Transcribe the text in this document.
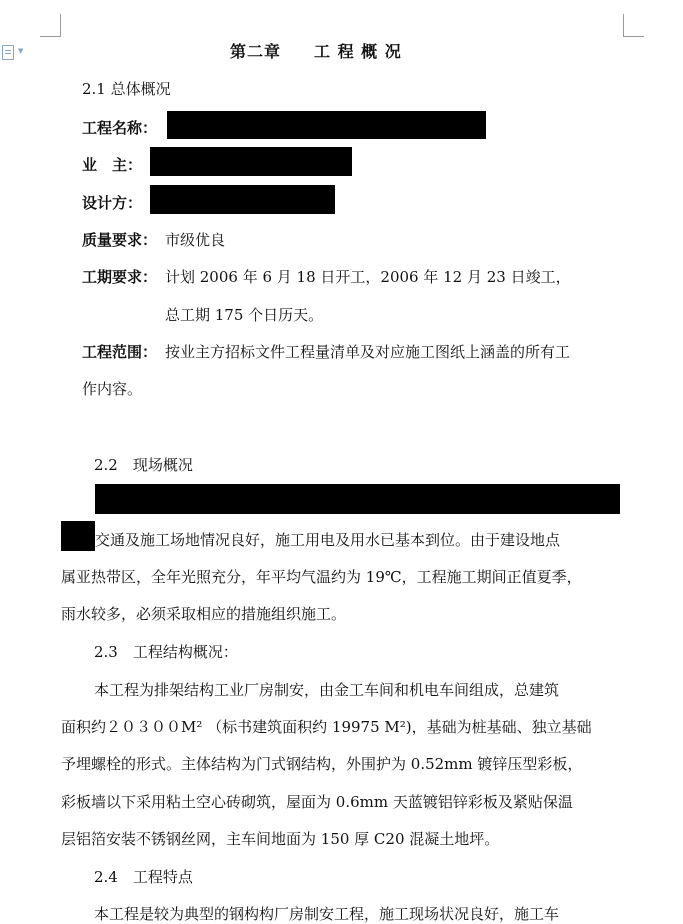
▼	第二章 工 程 概 况
2.1 总体概况
工程名称：
业　主：
设计方：
质量要求： 市级优良
工期要求： 计划 2006 年 6 月 18 日开工，2006 年 12 月 23 日竣工，
总工期 175 个日历天。
工程范围： 按业主方招标文件工程量清单及对应施工图纸上涵盖的所有工
作内容。
2.2　现场概况
交通及施工场地情况良好，施工用电及用水已基本到位。由于建设地点
属亚热带区，全年光照充分，年平均气温约为 19℃，工程施工期间正值夏季，
雨水较多，必须采取相应的措施组织施工。
2.3　工程结构概况：
本工程为排架结构工业厂房制安，由金工车间和机电车间组成，总建筑
面积约２０３００M² （标书建筑面积约 19975 M²)，基础为桩基础、独立基础
予埋螺栓的形式。主体结构为门式钢结构，外围护为 0.52mm 镀锌压型彩板，
彩板墙以下采用粘土空心砖砌筑，屋面为 0.6mm 天蓝镀铝锌彩板及紧贴保温
层铝箔安装不锈钢丝网，主车间地面为 150 厚 C20 混凝土地坪。
2.4　工程特点
本工程是较为典型的钢构构厂房制安工程，施工现场状况良好，施工车
